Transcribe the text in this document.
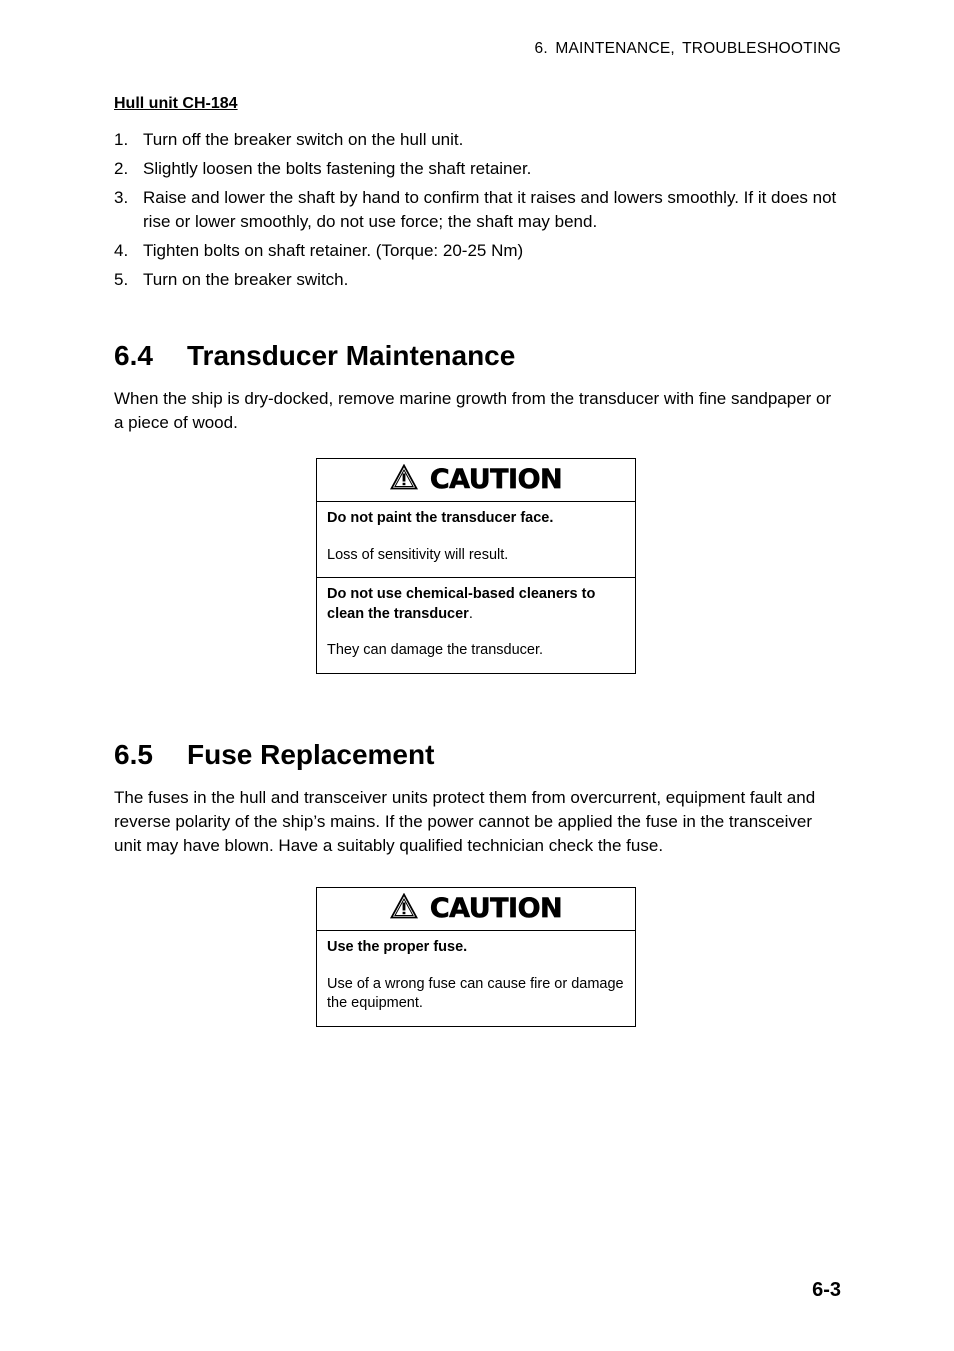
6. MAINTENANCE, TROUBLESHOOTING
Hull unit CH-184
1. Turn off the breaker switch on the hull unit.
2. Slightly loosen the bolts fastening the shaft retainer.
3. Raise and lower the shaft by hand to confirm that it raises and lowers smoothly. If it does not rise or lower smoothly, do not use force; the shaft may bend.
4. Tighten bolts on shaft retainer. (Torque: 20-25 Nm)
5. Turn on the breaker switch.
6.4 Transducer Maintenance

When the ship is dry-docked, remove marine growth from the transducer with fine sandpaper or a piece of wood.

CAUTION

Do not paint the transducer face.

Loss of sensitivity will result.

Do not use chemical-based cleaners to clean the transducer.

They can damage the transducer.

6.5 Fuse Replacement

The fuses in the hull and transceiver units protect them from overcurrent, equipment fault and reverse polarity of the ship’s mains. If the power cannot be applied the fuse in the transceiver unit may have blown. Have a suitably qualified technician check the fuse.

CAUTION

Use the proper fuse.

Use of a wrong fuse can cause fire or damage the equipment.

6-3
